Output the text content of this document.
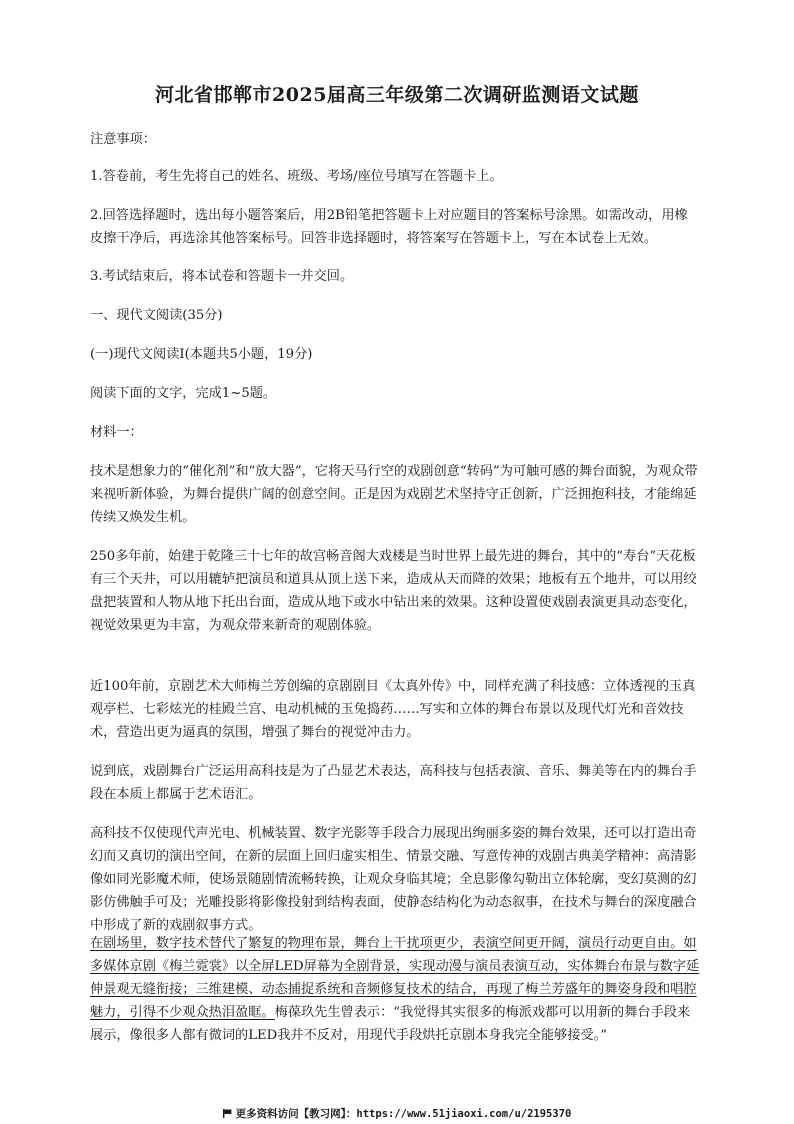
河北省邯郸市2025届高三年级第二次调研监测语文试题

注意事项：

1.答卷前，考生先将自己的姓名、班级、考场/座位号填写在答题卡上。

2.回答选择题时，选出每小题答案后，用2B铅笔把答题卡上对应题目的答案标号涂黑。如需改动，用橡皮擦干净后，再选涂其他答案标号。回答非选择题时，将答案写在答题卡上，写在本试卷上无效。

3.考试结束后，将本试卷和答题卡一并交回。

一、现代文阅读(35分)

(一)现代文阅读Ⅰ(本题共5小题，19分)

阅读下面的文字，完成1~5题。

材料一：

技术是想象力的“催化剂”和“放大器”，它将天马行空的戏剧创意“转码”为可触可感的舞台面貌，为观众带来视听新体验，为舞台提供广阔的创意空间。正是因为戏剧艺术坚持守正创新，广泛拥抱科技，才能绵延传续又焕发生机。

250多年前，始建于乾隆三十七年的故宫畅音阁大戏楼是当时世界上最先进的舞台，其中的“寿台”天花板有三个天井，可以用辘轳把演员和道具从顶上送下来，造成从天而降的效果；地板有五个地井，可以用绞盘把装置和人物从地下托出台面，造成从地下或水中钻出来的效果。这种设置使戏剧表演更具动态变化，视觉效果更为丰富，为观众带来新奇的观剧体验。

近100年前，京剧艺术大师梅兰芳创编的京剧剧目《太真外传》中，同样充满了科技感：立体透视的玉真观亭栏、七彩炫光的桂殿兰宫、电动机械的玉兔捣药……写实和立体的舞台布景以及现代灯光和音效技术，营造出更为逼真的氛围，增强了舞台的视觉冲击力。

说到底，戏剧舞台广泛运用高科技是为了凸显艺术表达，高科技与包括表演、音乐、舞美等在内的舞台手段在本质上都属于艺术语汇。

高科技不仅使现代声光电、机械装置、数字光影等手段合力展现出绚丽多姿的舞台效果，还可以打造出奇幻而又真切的演出空间，在新的层面上回归虚实相生、情景交融、写意传神的戏剧古典美学精神：高清影像如同光影魔术师，使场景随剧情流畅转换，让观众身临其境；全息影像勾勒出立体轮廓，变幻莫测的幻影仿佛触手可及；光雕投影将影像投射到结构表面，使静态结构化为动态叙事，在技术与舞台的深度融合中形成了新的戏剧叙事方式。

在剧场里，数字技术替代了繁复的物理布景，舞台上干扰项更少，表演空间更开阔，演员行动更自由。如多媒体京剧《梅兰霓裳》以全屏LED屏幕为全剧背景，实现动漫与演员表演互动，实体舞台布景与数字延伸景观无缝衔接；三维建模、动态捕捉系统和音频修复技术的结合，再现了梅兰芳盛年的舞姿身段和唱腔魅力，引得不少观众热泪盈眶。梅葆玖先生曾表示：“我觉得其实很多的梅派戏都可以用新的舞台手段来展示，像很多人都有微词的LED我并不反对，用现代手段烘托京剧本身我完全能够接受。”

更多资料访问【教习网】：https://www.51jiaoxi.com/u/2195370
